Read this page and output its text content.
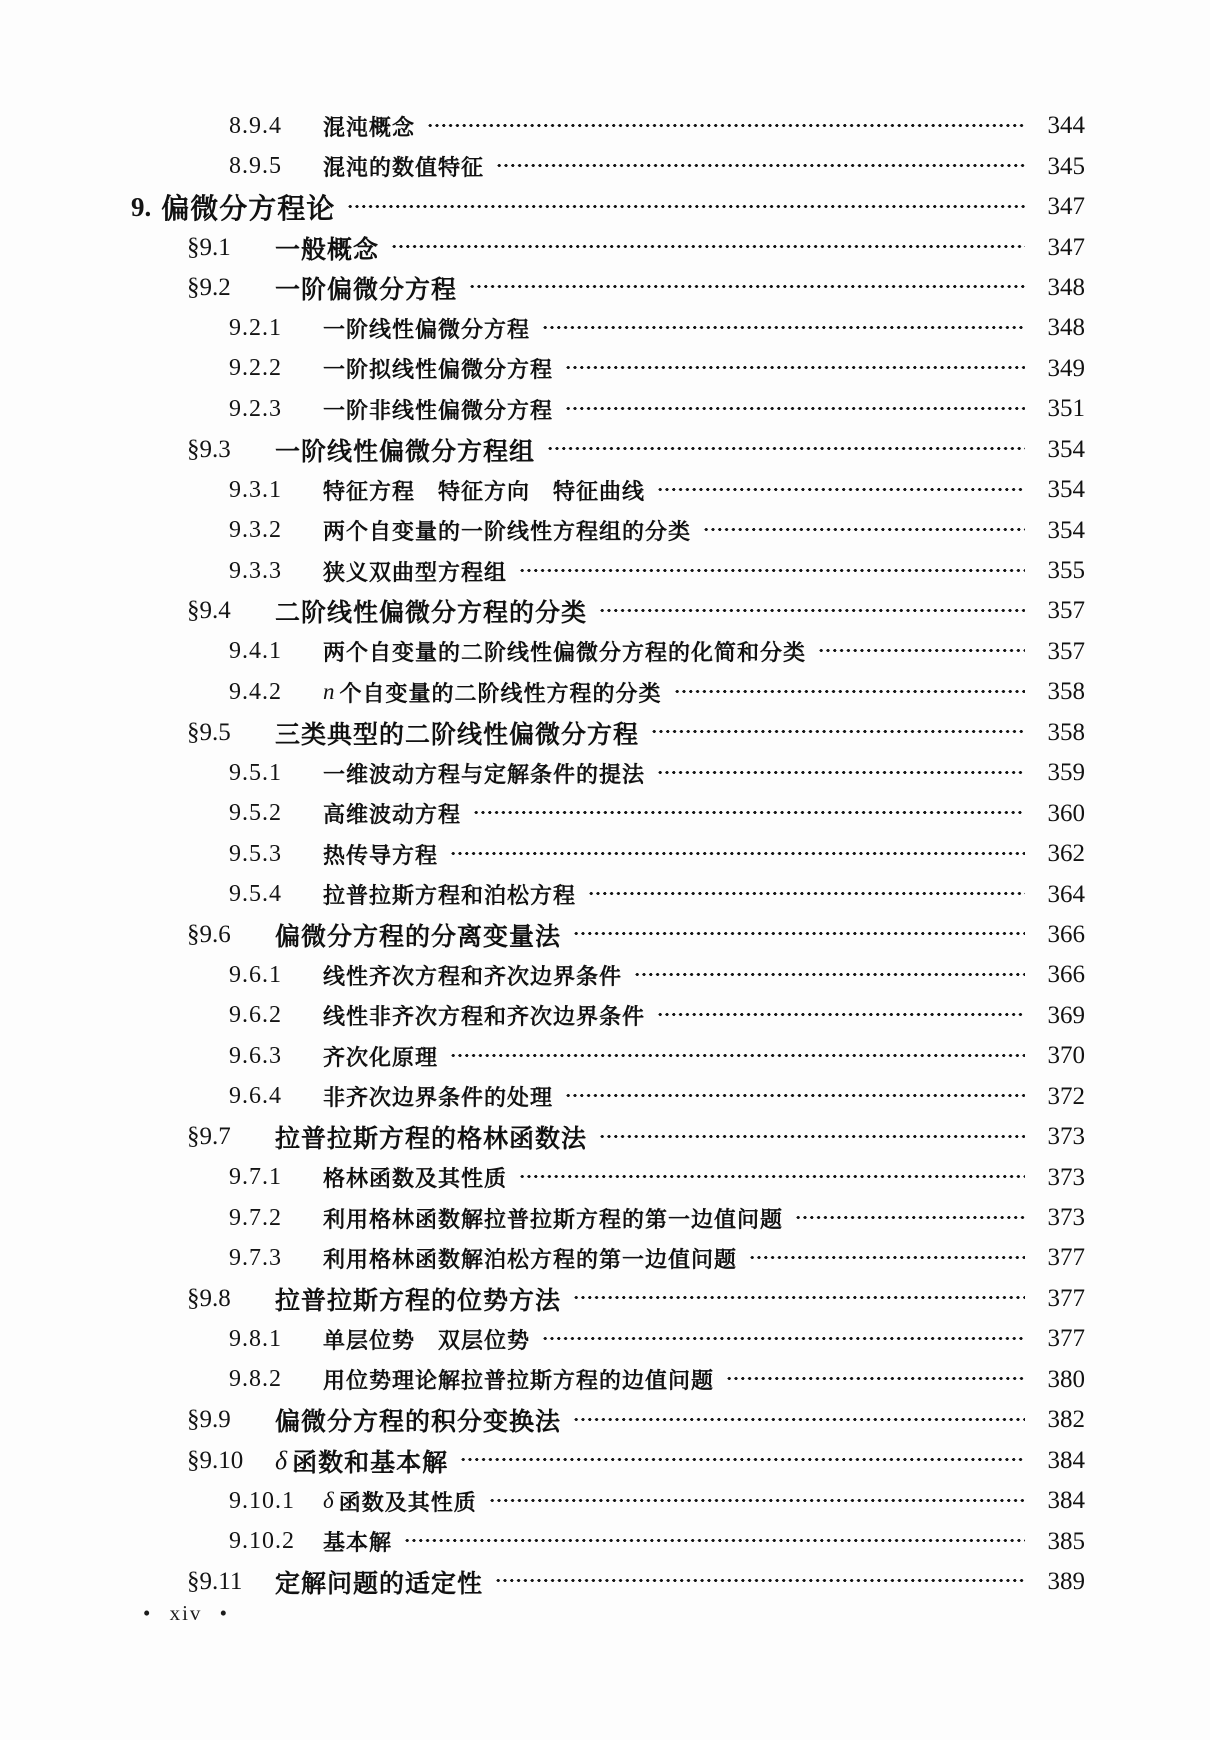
8.9.4	混沌概念	344
8.9.5	混沌的数值特征	345
9. 偏微分方程论	347
§9.1	一般概念	347
§9.2	一阶偏微分方程	348
9.2.1	一阶线性偏微分方程	348
9.2.2	一阶拟线性偏微分方程	349
9.2.3	一阶非线性偏微分方程	351
§9.3	一阶线性偏微分方程组	354
9.3.1	特征方程　特征方向　特征曲线	354
9.3.2	两个自变量的一阶线性方程组的分类	354
9.3.3	狭义双曲型方程组	355
§9.4	二阶线性偏微分方程的分类	357
9.4.1	两个自变量的二阶线性偏微分方程的化简和分类	357
9.4.2	n 个自变量的二阶线性方程的分类	358
§9.5	三类典型的二阶线性偏微分方程	358
9.5.1	一维波动方程与定解条件的提法	359
9.5.2	高维波动方程	360
9.5.3	热传导方程	362
9.5.4	拉普拉斯方程和泊松方程	364
§9.6	偏微分方程的分离变量法	366
9.6.1	线性齐次方程和齐次边界条件	366
9.6.2	线性非齐次方程和齐次边界条件	369
9.6.3	齐次化原理	370
9.6.4	非齐次边界条件的处理	372
§9.7	拉普拉斯方程的格林函数法	373
9.7.1	格林函数及其性质	373
9.7.2	利用格林函数解拉普拉斯方程的第一边值问题	373
9.7.3	利用格林函数解泊松方程的第一边值问题	377
§9.8	拉普拉斯方程的位势方法	377
9.8.1	单层位势　双层位势	377
9.8.2	用位势理论解拉普拉斯方程的边值问题	380
§9.9	偏微分方程的积分变换法	382
§9.10 δ 函数和基本解	384
9.10.1	δ 函数及其性质	384
9.10.2	基本解	385
§9.11 定解问题的适定性	389
• xiv •
